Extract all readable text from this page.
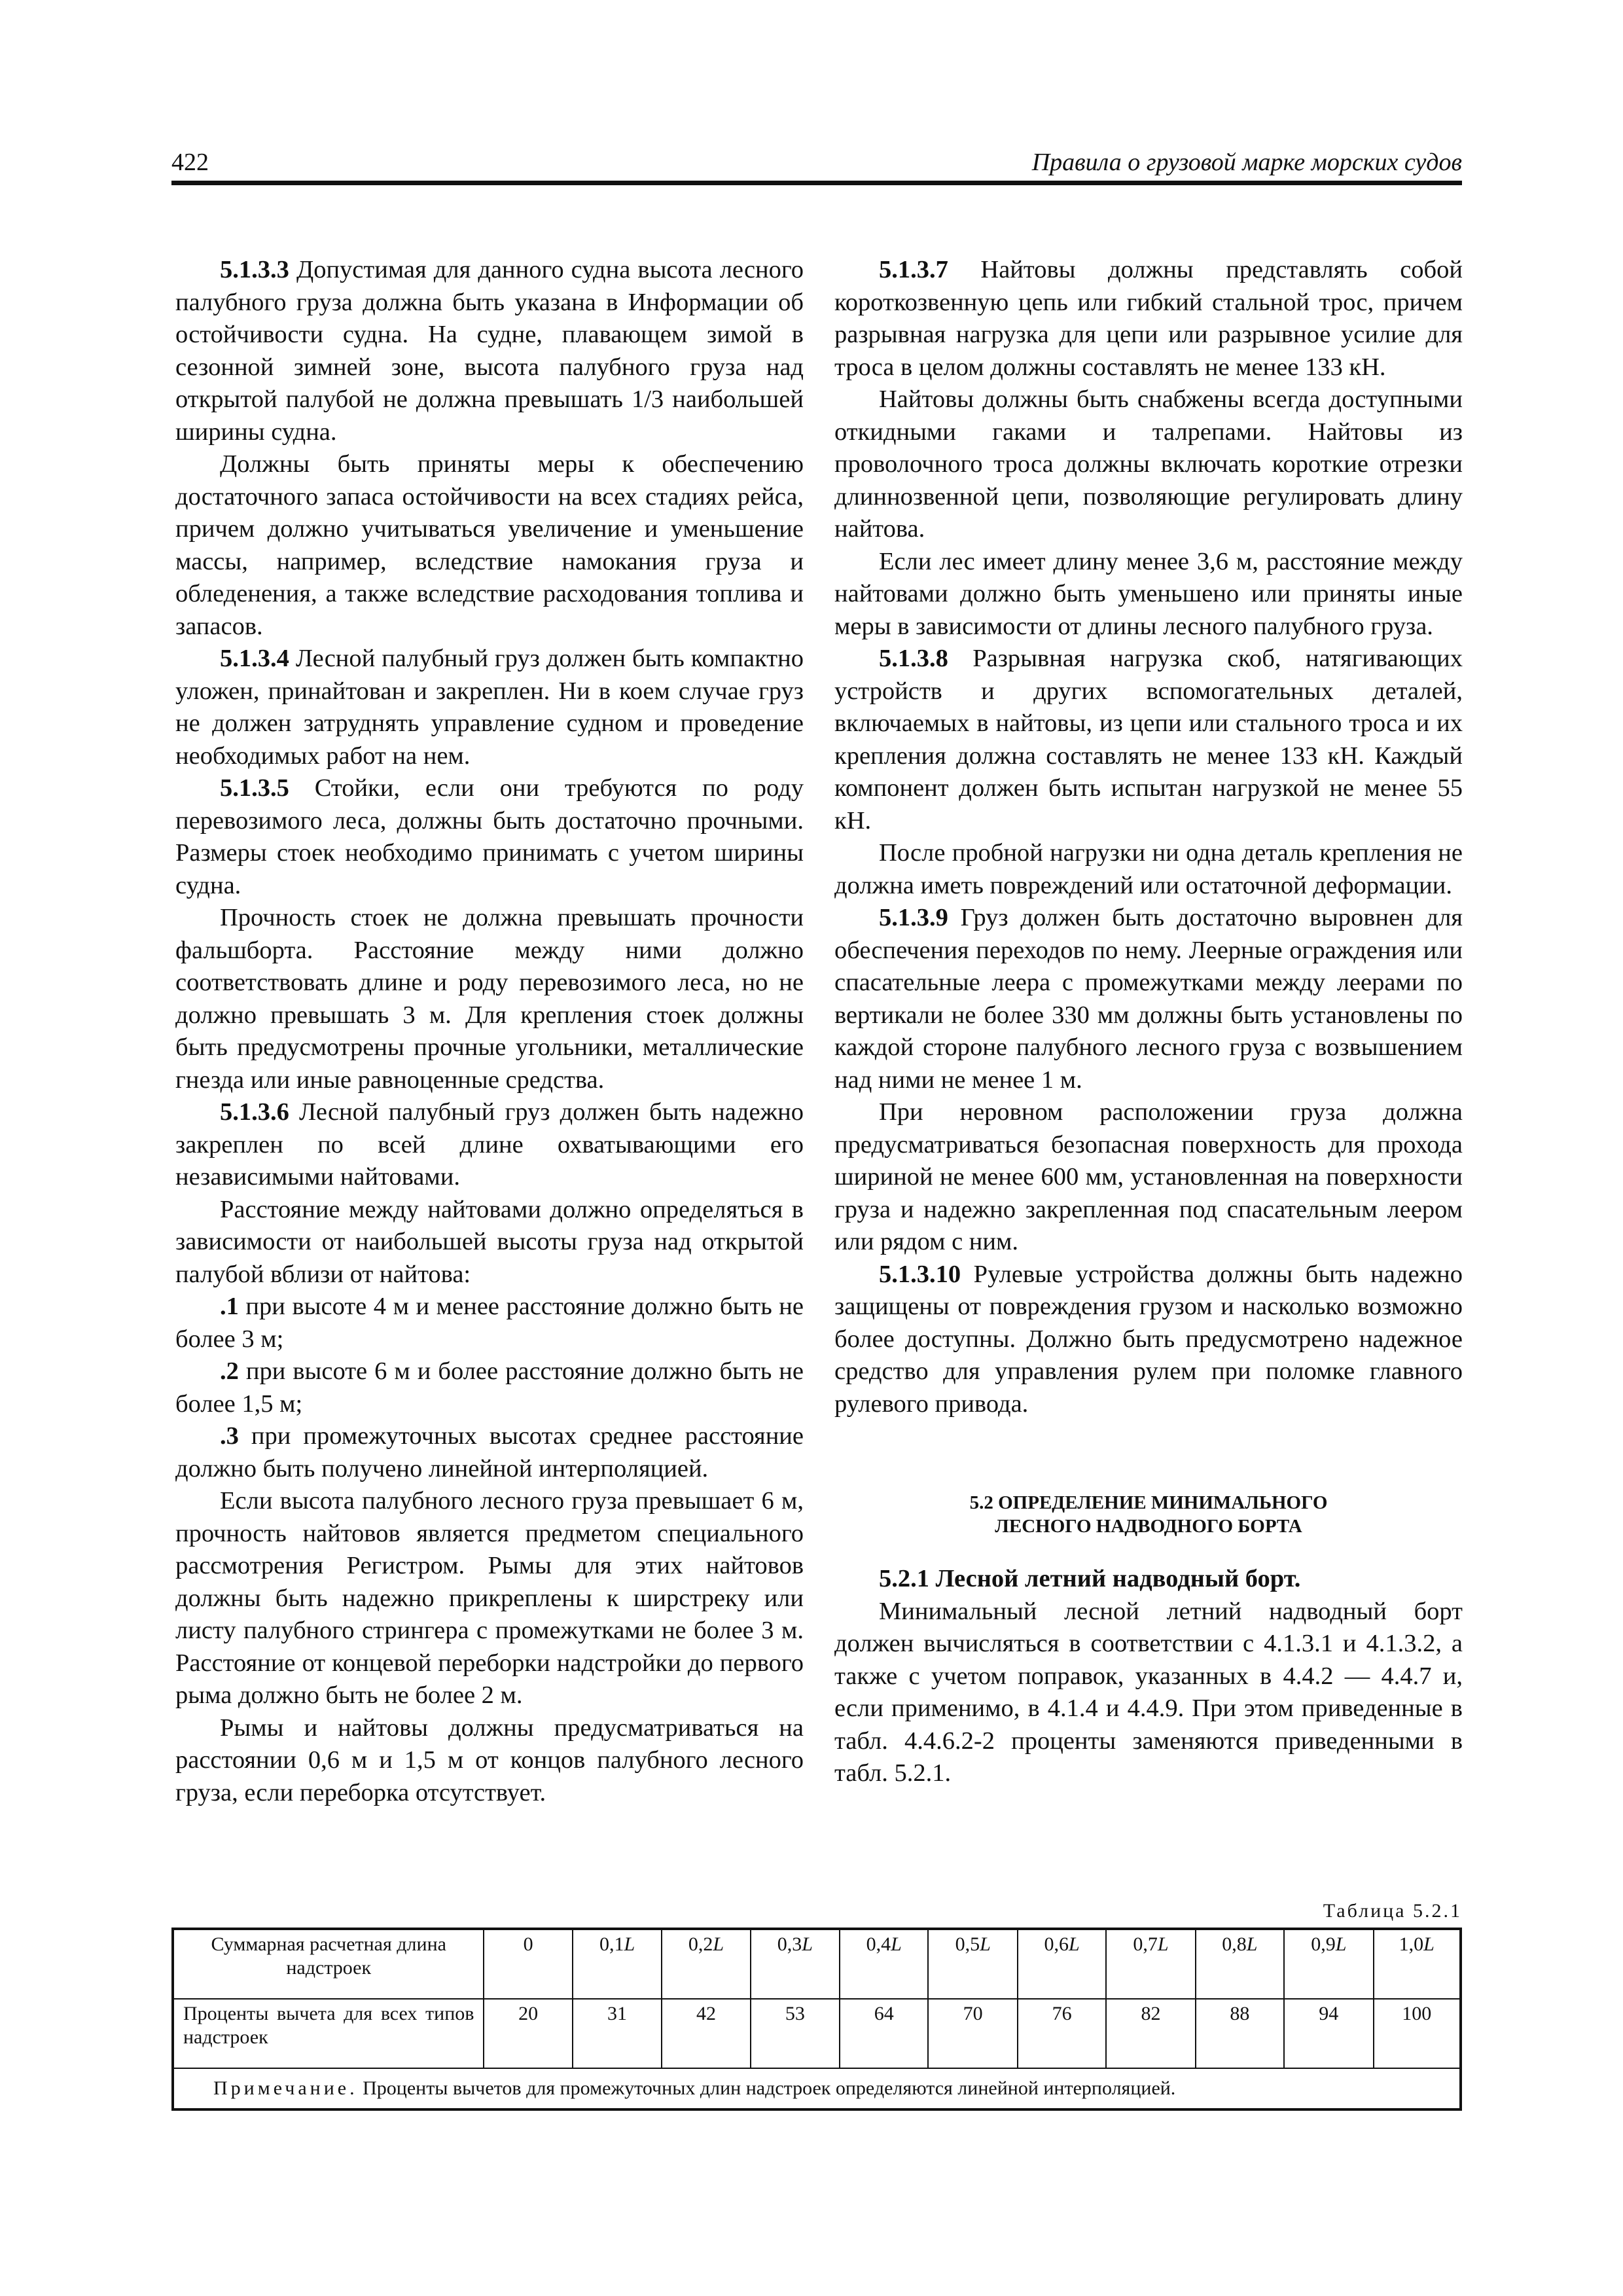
422	Правила о грузовой марке морских судов

5.1.3.3 Допустимая для данного судна высота лесного палубного груза должна быть указана в Информации об остойчивости судна. На судне, плавающем зимой в сезонной зимней зоне, высота палубного груза над открытой палубой не должна превышать 1/3 наибольшей ширины судна.

Должны быть приняты меры к обеспечению достаточного запаса остойчивости на всех стадиях рейса, причем должно учитываться увеличение и уменьшение массы, например, вследствие намокания груза и обледенения, а также вследствие расходования топлива и запасов.

5.1.3.4 Лесной палубный груз должен быть компактно уложен, принайтован и закреплен. Ни в коем случае груз не должен затруднять управление судном и проведение необходимых работ на нем.

5.1.3.5 Стойки, если они требуются по роду перевозимого леса, должны быть достаточно прочными. Размеры стоек необходимо принимать с учетом ширины судна.

Прочность стоек не должна превышать прочности фальшборта. Расстояние между ними должно соответствовать длине и роду перевозимого леса, но не должно превышать 3 м. Для крепления стоек должны быть предусмотрены прочные угольники, металлические гнезда или иные равноценные средства.

5.1.3.6 Лесной палубный груз должен быть надежно закреплен по всей длине охватывающими его независимыми найтовами.

Расстояние между найтовами должно определяться в зависимости от наибольшей высоты груза над открытой палубой вблизи от найтова:

.1 при высоте 4 м и менее расстояние должно быть не более 3 м;

.2 при высоте 6 м и более расстояние должно быть не более 1,5 м;

.3 при промежуточных высотах среднее расстояние должно быть получено линейной интерполяцией.

Если высота палубного лесного груза превышает 6 м, прочность найтовов является предметом специального рассмотрения Регистром. Рымы для этих найтовов должны быть надежно прикреплены к ширстреку или листу палубного стрингера с промежутками не более 3 м. Расстояние от концевой переборки надстройки до первого рыма должно быть не более 2 м.

Рымы и найтовы должны предусматриваться на расстоянии 0,6 м и 1,5 м от концов палубного лесного груза, если переборка отсутствует.

5.1.3.7 Найтовы должны представлять собой короткозвенную цепь или гибкий стальной трос, причем разрывная нагрузка для цепи или разрывное усилие для троса в целом должны составлять не менее 133 кН.

Найтовы должны быть снабжены всегда доступными откидными гаками и талрепами. Найтовы из проволочного троса должны включать короткие отрезки длиннозвенной цепи, позволяющие регулировать длину найтова.

Если лес имеет длину менее 3,6 м, расстояние между найтовами должно быть уменьшено или приняты иные меры в зависимости от длины лесного палубного груза.

5.1.3.8 Разрывная нагрузка скоб, натягивающих устройств и других вспомогательных деталей, включаемых в найтовы, из цепи или стального троса и их крепления должна составлять не менее 133 кН. Каждый компонент должен быть испытан нагрузкой не менее 55 кН.

После пробной нагрузки ни одна деталь крепления не должна иметь повреждений или остаточной деформации.

5.1.3.9 Груз должен быть достаточно выровнен для обеспечения переходов по нему. Леерные ограждения или спасательные леера с промежутками между леерами по вертикали не более 330 мм должны быть установлены по каждой стороне палубного лесного груза с возвышением над ними не менее 1 м.

При неровном расположении груза должна предусматриваться безопасная поверхность для прохода шириной не менее 600 мм, установленная на поверхности груза и надежно закрепленная под спасательным леером или рядом с ним.

5.1.3.10 Рулевые устройства должны быть надежно защищены от повреждения грузом и насколько возможно более доступны. Должно быть предусмотрено надежное средство для управления рулем при поломке главного рулевого привода.

5.2 ОПРЕДЕЛЕНИЕ МИНИМАЛЬНОГО
ЛЕСНОГО НАДВОДНОГО БОРТА

5.2.1 Лесной летний надводный борт.

Минимальный лесной летний надводный борт должен вычисляться в соответствии с 4.1.3.1 и 4.1.3.2, а также с учетом поправок, указанных в 4.4.2 — 4.4.7 и, если применимо, в 4.1.4 и 4.4.9. При этом приведенные в табл. 4.4.6.2-2 проценты заменяются приведенными в табл. 5.2.1.

Таблица 5.2.1
Суммарная расчетная длина надстроек	0	0,1L	0,2L	0,3L	0,4L	0,5L	0,6L	0,7L	0,8L	0,9L	1,0L
Проценты вычета для всех типов надстроек	20	31	42	53	64	70	76	82	88	94	100
Примечание. Проценты вычетов для промежуточных длин надстроек определяются линейной интерполяцией.											
